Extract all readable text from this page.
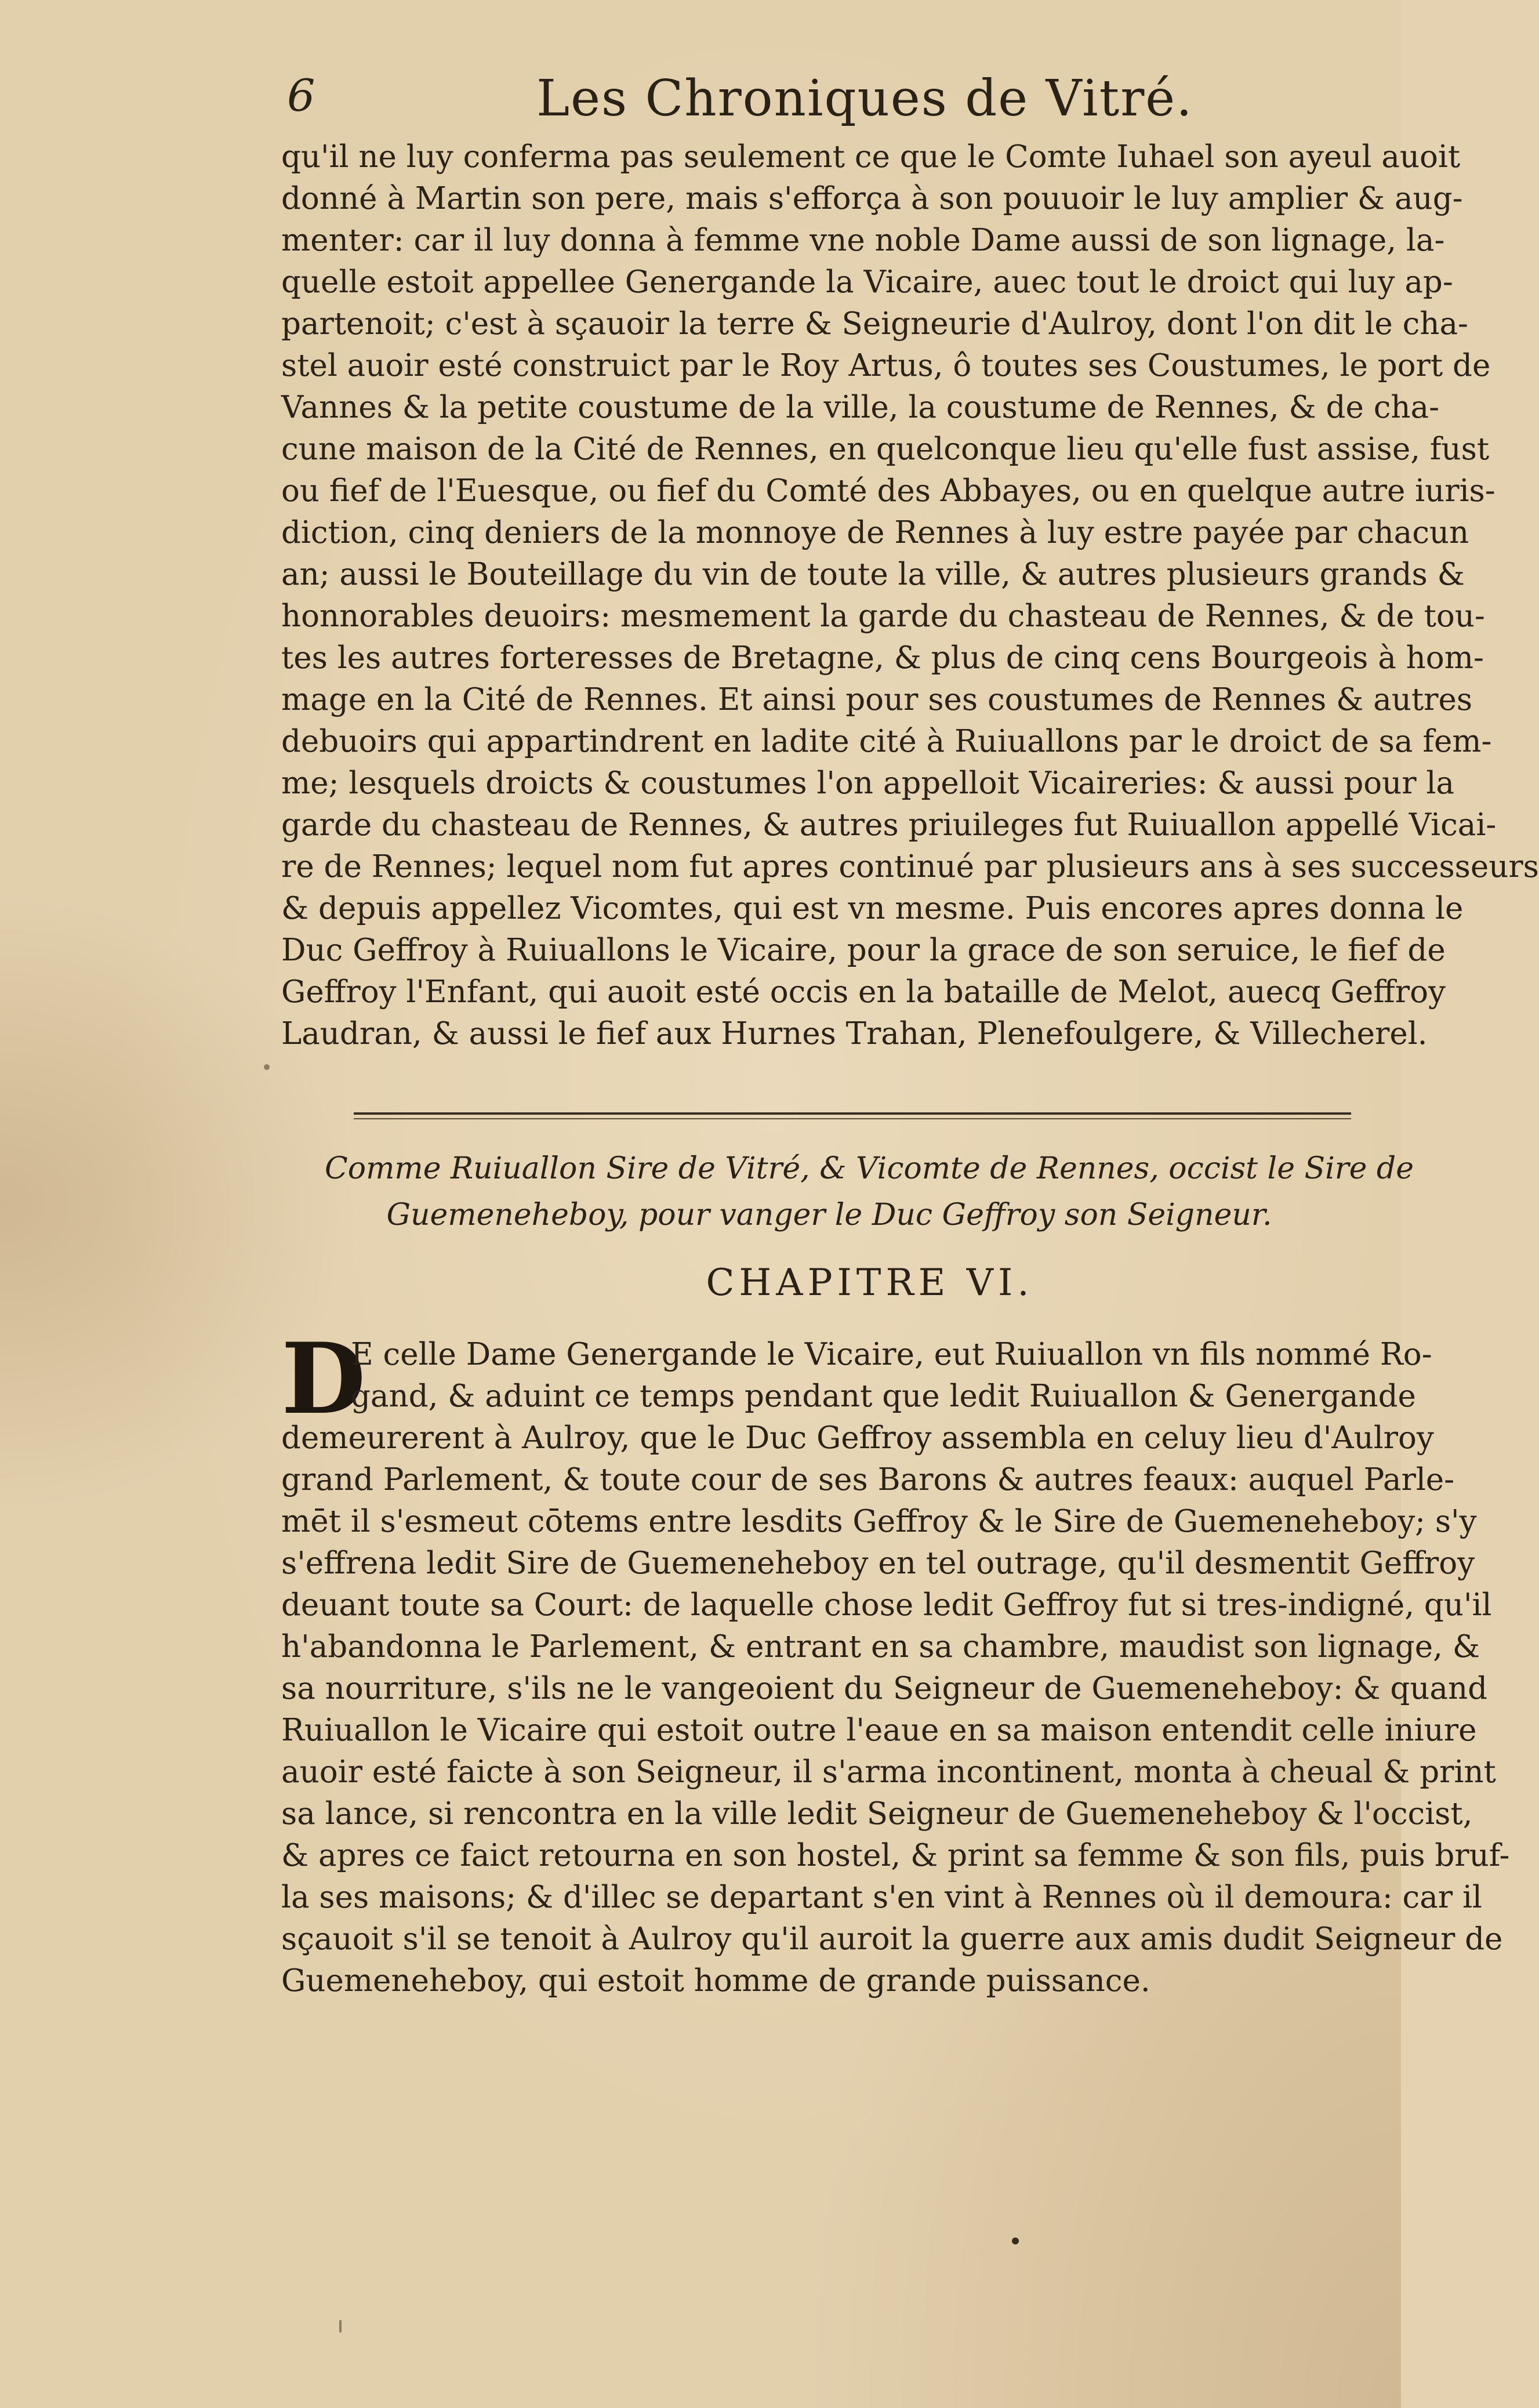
6	Les Chroniques de Vitré.
qu'il ne luy conferma pas seulement ce que le Comte Iuhael son ayeul auoit
donné à Martin son pere, mais s'efforça à son pouuoir le luy amplier & aug-
menter: car il luy donna à femme vne noble Dame aussi de son lignage, la-
quelle estoit appellee Genergande la Vicaire, auec tout le droict qui luy ap-
partenoit; c'est à sçauoir la terre & Seigneurie d'Aulroy, dont l'on dit le cha-
stel auoir esté construict par le Roy Artus, ô toutes ses Coustumes, le port de
Vannes & la petite coustume de la ville, la coustume de Rennes, & de cha-
cune maison de la Cité de Rennes, en quelconque lieu qu'elle fust assise, fust
ou fief de l'Euesque, ou fief du Comté des Abbayes, ou en quelque autre iuris-
diction, cinq deniers de la monnoye de Rennes à luy estre payée par chacun
an; aussi le Bouteillage du vin de toute la ville, & autres plusieurs grands &
honnorables deuoirs: mesmement la garde du chasteau de Rennes, & de tou-
tes les autres forteresses de Bretagne, & plus de cinq cens Bourgeois à hom-
mage en la Cité de Rennes. Et ainsi pour ses coustumes de Rennes & autres
debuoirs qui appartindrent en ladite cité à Ruiuallons par le droict de sa fem-
me; lesquels droicts & coustumes l'on appelloit Vicaireries: & aussi pour la
garde du chasteau de Rennes, & autres priuileges fut Ruiuallon appellé Vicai-
re de Rennes; lequel nom fut apres continué par plusieurs ans à ses successeurs
& depuis appellez Vicomtes, qui est vn mesme. Puis encores apres donna le
Duc Geffroy à Ruiuallons le Vicaire, pour la grace de son seruice, le fief de
Geffroy l'Enfant, qui auoit esté occis en la bataille de Melot, auecq Geffroy
Laudran, & aussi le fief aux Hurnes Trahan, Plenefoulgere, & Villecherel.
Comme Ruiuallon Sire de Vitré, & Vicomte de Rennes, occist le Sire de
Guemeneheboy, pour vanger le Duc Geffroy son Seigneur.
CHAPITRE VI.
D
E celle Dame Genergande le Vicaire, eut Ruiuallon vn fils nommé Ro-
gand, & aduint ce temps pendant que ledit Ruiuallon & Genergande
demeurerent à Aulroy, que le Duc Geffroy assembla en celuy lieu d'Aulroy
grand Parlement, & toute cour de ses Barons & autres feaux: auquel Parle-
mēt il s'esmeut cōtems entre lesdits Geffroy & le Sire de Guemeneheboy; s'y
s'effrena ledit Sire de Guemeneheboy en tel outrage, qu'il desmentit Geffroy
deuant toute sa Court: de laquelle chose ledit Geffroy fut si tres-indigné, qu'il
h'abandonna le Parlement, & entrant en sa chambre, maudist son lignage, &
sa nourriture, s'ils ne le vangeoient du Seigneur de Guemeneheboy: & quand
Ruiuallon le Vicaire qui estoit outre l'eaue en sa maison entendit celle iniure
auoir esté faicte à son Seigneur, il s'arma incontinent, monta à cheual & print
sa lance, si rencontra en la ville ledit Seigneur de Guemeneheboy & l'occist,
& apres ce faict retourna en son hostel, & print sa femme & son fils, puis bruf-
la ses maisons; & d'illec se departant s'en vint à Rennes où il demoura: car il
sçauoit s'il se tenoit à Aulroy qu'il auroit la guerre aux amis dudit Seigneur de
Guemeneheboy, qui estoit homme de grande puissance.
